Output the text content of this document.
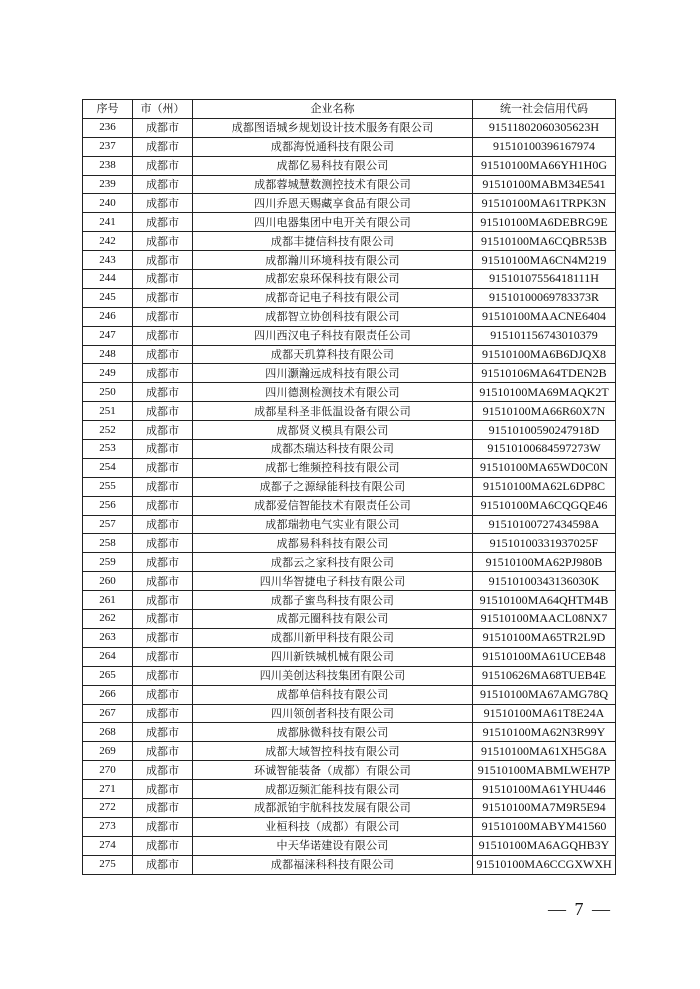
序号	市（州）	企业名称	统一社会信用代码
236	成都市	成都图语城乡规划设计技术服务有限公司	91511802060305623H
237	成都市	成都海悦通科技有限公司	91510100396167974
238	成都市	成都亿易科技有限公司	91510100MA66YH1H0G
239	成都市	成都蓉城慧数测控技术有限公司	91510100MABM34E541
240	成都市	四川乔恩天赐藏享食品有限公司	91510100MA61TRPK3N
241	成都市	四川电器集团中电开关有限公司	91510100MA6DEBRG9E
242	成都市	成都丰捷信科技有限公司	91510100MA6CQBR53B
243	成都市	成都瀚川环境科技有限公司	91510100MA6CN4M219
244	成都市	成都宏泉环保科技有限公司	91510107556418111H
245	成都市	成都奇记电子科技有限公司	91510100069783373R
246	成都市	成都智立协创科技有限公司	91510100MAACNE6404
247	成都市	四川西汉电子科技有限责任公司	915101156743010379
248	成都市	成都天玑算科技有限公司	91510100MA6B6DJQX8
249	成都市	四川灏瀚远成科技有限公司	91510106MA64TDEN2B
250	成都市	四川德测检测技术有限公司	91510100MA69MAQK2T
251	成都市	成都星科圣非低温设备有限公司	91510100MA66R60X7N
252	成都市	成都贤义模具有限公司	91510100590247918D
253	成都市	成都杰瑞达科技有限公司	91510100684597273W
254	成都市	成都七维频控科技有限公司	91510100MA65WD0C0N
255	成都市	成都子之源绿能科技有限公司	91510100MA62L6DP8C
256	成都市	成都爱信智能技术有限责任公司	91510100MA6CQGQE46
257	成都市	成都瑞勃电气实业有限公司	91510100727434598A
258	成都市	成都易科科技有限公司	91510100331937025F
259	成都市	成都云之家科技有限公司	91510100MA62PJ980B
260	成都市	四川华智捷电子科技有限公司	91510100343136030K
261	成都市	成都子蜜鸟科技有限公司	91510100MA64QHTM4B
262	成都市	成都元圈科技有限公司	91510100MAACL08NX7
263	成都市	成都川新甲科技有限公司	91510100MA65TR2L9D
264	成都市	四川新铁城机械有限公司	91510100MA61UCEB48
265	成都市	四川美创达科技集团有限公司	91510626MA68TUEB4E
266	成都市	成都单信科技有限公司	91510100MA67AMG78Q
267	成都市	四川领创者科技有限公司	91510100MA61T8E24A
268	成都市	成都脉微科技有限公司	91510100MA62N3R99Y
269	成都市	成都大域智控科技有限公司	91510100MA61XH5G8A
270	成都市	环诚智能装备（成都）有限公司	91510100MABMLWEH7P
271	成都市	成都迈频汇能科技有限公司	91510100MA61YHU446
272	成都市	成都派铂宇航科技发展有限公司	91510100MA7M9R5E94
273	成都市	业桓科技（成都）有限公司	91510100MABYM41560
274	成都市	中天华诺建设有限公司	91510100MA6AGQHB3Y
275	成都市	成都福涞科科技有限公司	91510100MA6CCGXWXH
— 7 —
